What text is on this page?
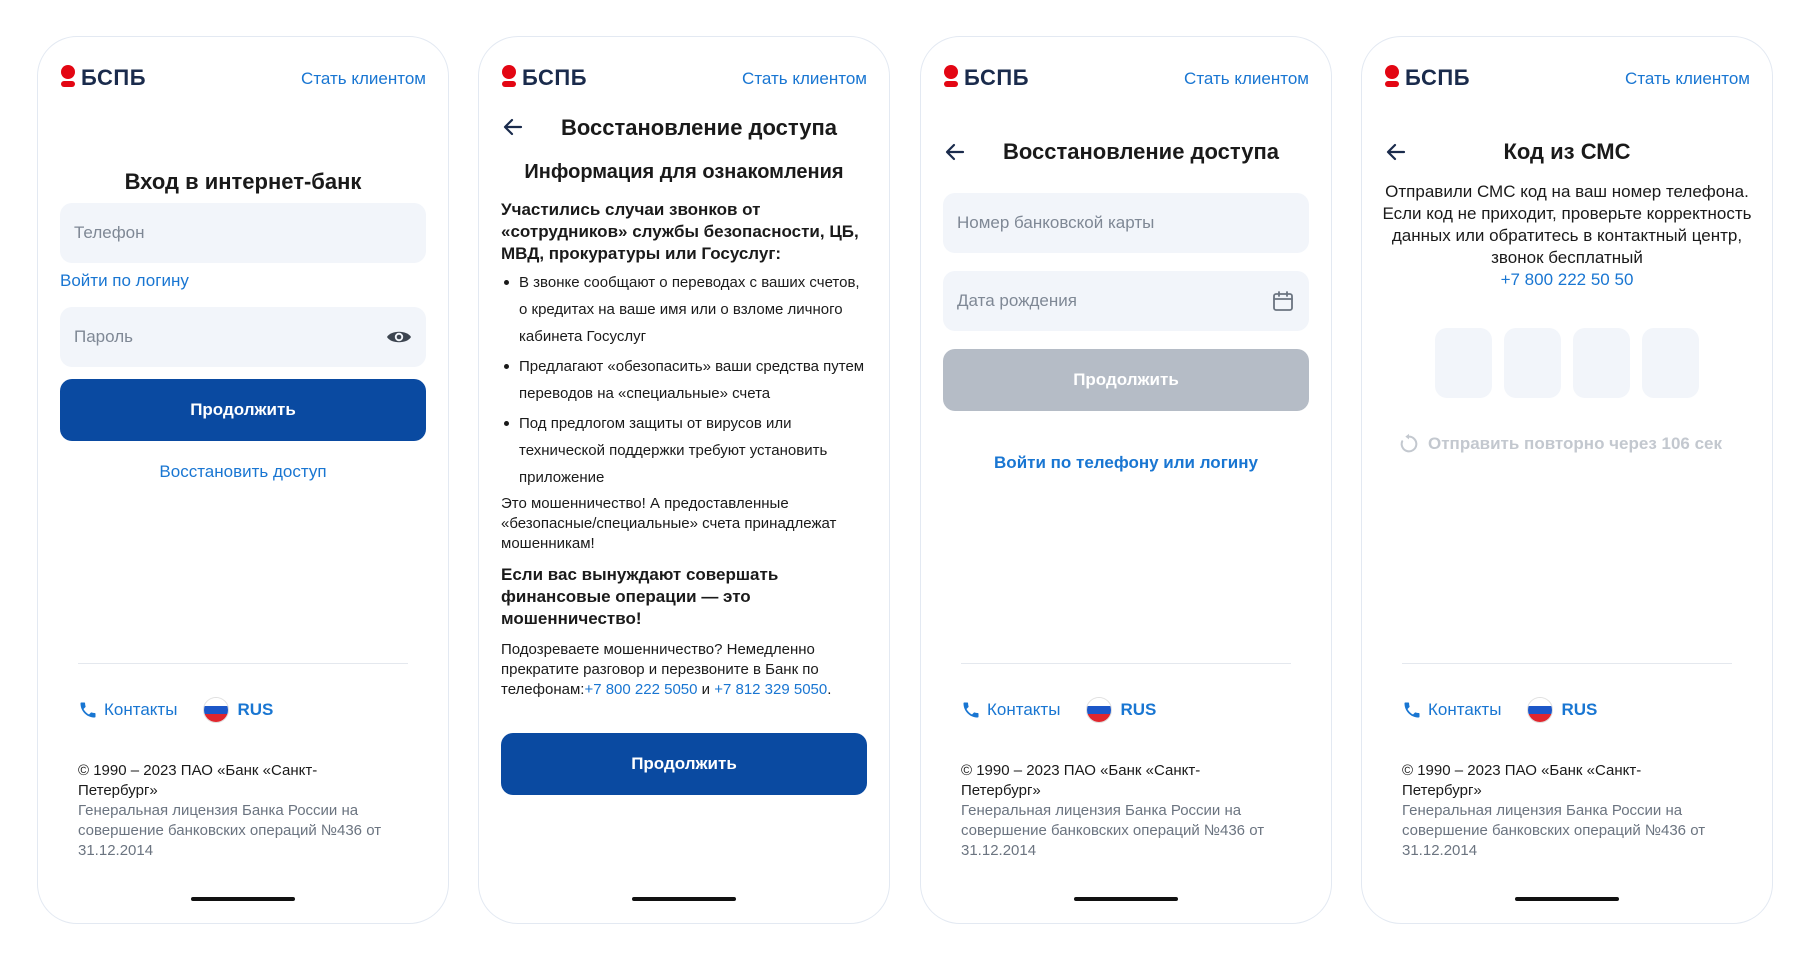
БСПБ	Стать клиентом
Вход в интернет-банк
Телефон
Войти по логину
Продолжить
Восстановить доступ
Контакты	RUS
© 1990 – 2023 ПАО «Банк «Санкт-Петербург»
Генеральная лицензия Банка России на совершение банковских операций №436 от 31.12.2014
БСПБ	Стать клиентом
Восстановление доступа
Информация для ознакомления
Участились случаи звонков от «сотрудников» службы безопасности, ЦБ, МВД, прокуратуры или Госуслуг:
В звонке сообщают о переводах с ваших счетов, о кредитах на ваше имя или о взломе личного кабинета Госуслуг
Предлагают «обезопасить» ваши средства путем переводов на «специальные» счета
Под предлогом защиты от вирусов или технической поддержки требуют установить приложение
Это мошенничество! А предоставленные «безопасные/специальные» счета принадлежат мошенникам!
Если вас вынуждают совершать финансовые операции — это мошенничество!
Подозреваете мошенничество? Немедленно прекратите разговор и перезвоните в Банк по телефонам:+7 800 222 5050 и +7 812 329 5050.
Продолжить
БСПБ	Стать клиентом
Восстановление доступа
Номер банковской карты
Дата рождения
Продолжить
Войти по телефону или логину
Контакты	RUS
© 1990 – 2023 ПАО «Банк «Санкт-Петербург»
Генеральная лицензия Банка России на совершение банковских операций №436 от 31.12.2014
БСПБ	Стать клиентом
Код из СМС
Отправили СМС код на ваш номер телефона. Если код не приходит, проверьте корректность данных или обратитесь в контактный центр, звонок бесплатный
+7 800 222 50 50
Отправить повторно через 106 сек
Контакты	RUS
© 1990 – 2023 ПАО «Банк «Санкт-Петербург»
Генеральная лицензия Банка России на совершение банковских операций №436 от 31.12.2014
